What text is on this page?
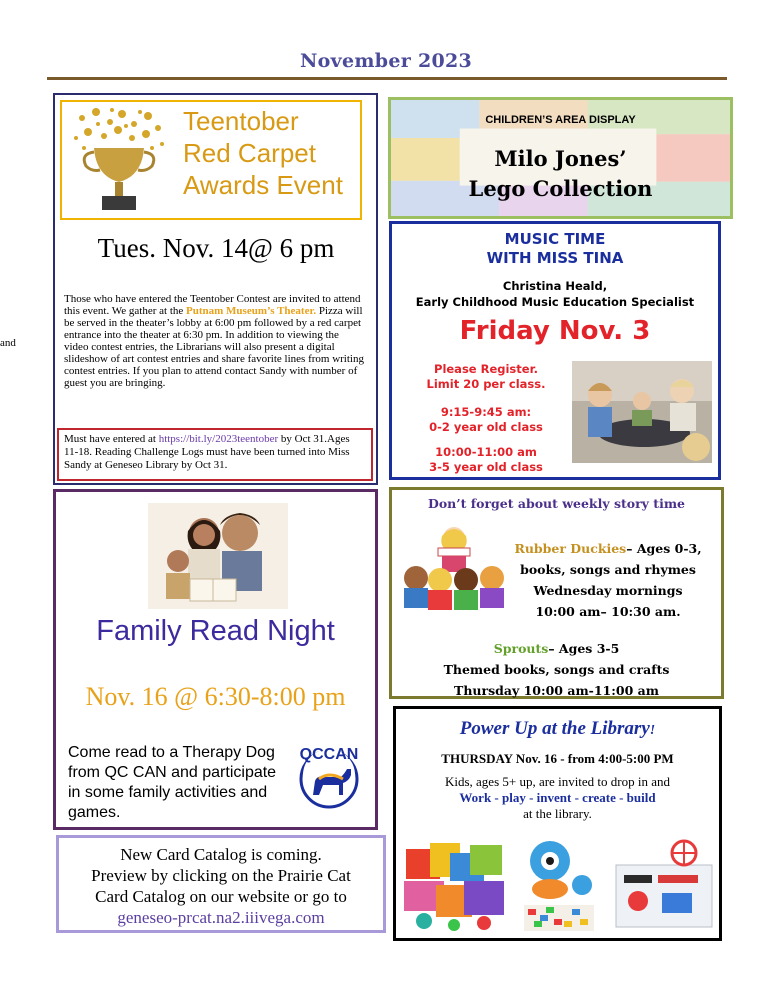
November 2023
and
Teentober
Red Carpet
Awards Event
Tues. Nov. 14@ 6 pm
Those who have entered the Teentober Contest are invited to attend this event. We gather at the Putnam Museum’s Theater. Pizza will be served in the theater’s lobby at 6:00 pm followed by a red carpet entrance into the theater at 6:30 pm. In addition to viewing the video contest entries, the Librarians will also present a digital slideshow of art contest entries and share favorite lines from writing contest entries. If you plan to attend contact Sandy with number of guest you are bringing.
Must have entered at https://bit.ly/2023teentober by Oct 31.Ages 11-18. Reading Challenge Logs must have been turned into Miss Sandy at Geneseo Library by Oct 31.
CHILDREN’S AREA DISPLAY
Milo Jones’
Lego Collection
MUSIC TIME
WITH MISS TINA
Christina Heald,
Early Childhood Music Education Specialist
Friday Nov. 3
Please Register.
Limit 20 per class.
9:15-9:45 am:
0-2 year old class
10:00-11:00 am
3-5 year old class
Family Read Night
Nov. 16 @ 6:30-8:00 pm
Come read to a Therapy Dog from QC CAN and participate in some family activities and games.
QCCAN
Don’t forget about weekly story time
Rubber Duckies– Ages 0-3,
books, songs and rhymes
Wednesday mornings
10:00 am– 10:30 am.
Sprouts– Ages 3-5
Themed books, songs and crafts
Thursday 10:00 am-11:00 am
Power Up at the Library!
THURSDAY Nov. 16 - from 4:00-5:00 PM
Kids, ages 5+ up, are invited to drop in and
Work - play - invent - create - build
at the library.
New Card Catalog is coming.
Preview by clicking on the Prairie Cat
Card Catalog on our website or go to
geneseo-prcat.na2.iiivega.com
